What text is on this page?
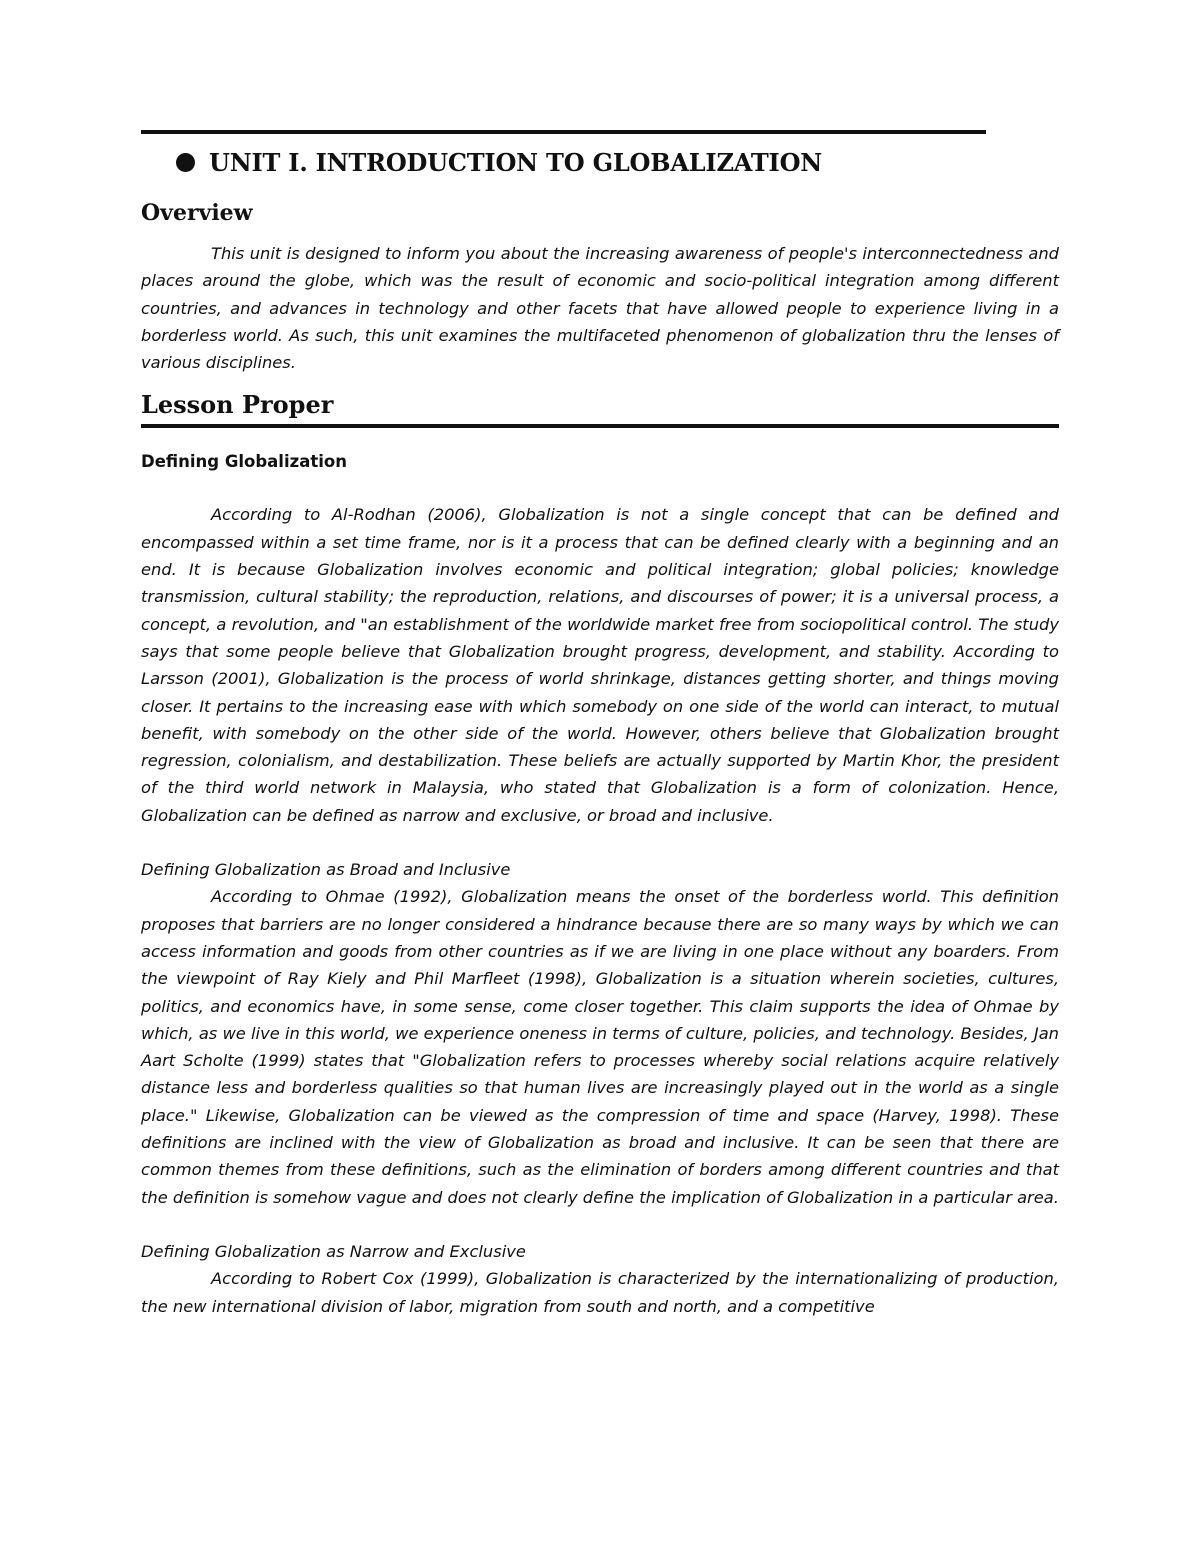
UNIT I. INTRODUCTION TO GLOBALIZATION
Overview

This unit is designed to inform you about the increasing awareness of people's interconnectedness and places around the globe, which was the result of economic and socio-political integration among different countries, and advances in technology and other facets that have allowed people to experience living in a borderless world. As such, this unit examines the multifaceted phenomenon of globalization thru the lenses of various disciplines.

Lesson Proper
Defining Globalization

According to Al-Rodhan (2006), Globalization is not a single concept that can be defined and encompassed within a set time frame, nor is it a process that can be defined clearly with a beginning and an end. It is because Globalization involves economic and political integration; global policies; knowledge transmission, cultural stability; the reproduction, relations, and discourses of power; it is a universal process, a concept, a revolution, and "an establishment of the worldwide market free from sociopolitical control. The study says that some people believe that Globalization brought progress, development, and stability. According to Larsson (2001), Globalization is the process of world shrinkage, distances getting shorter, and things moving closer. It pertains to the increasing ease with which somebody on one side of the world can interact, to mutual benefit, with somebody on the other side of the world. However, others believe that Globalization brought regression, colonialism, and destabilization. These beliefs are actually supported by Martin Khor, the president of the third world network in Malaysia, who stated that Globalization is a form of colonization. Hence, Globalization can be defined as narrow and exclusive, or broad and inclusive.

Defining Globalization as Broad and Inclusive

According to Ohmae (1992), Globalization means the onset of the borderless world. This definition proposes that barriers are no longer considered a hindrance because there are so many ways by which we can access information and goods from other countries as if we are living in one place without any boarders. From the viewpoint of Ray Kiely and Phil Marfleet (1998), Globalization is a situation wherein societies, cultures, politics, and economics have, in some sense, come closer together. This claim supports the idea of Ohmae by which, as we live in this world, we experience oneness in terms of culture, policies, and technology. Besides, Jan Aart Scholte (1999) states that "Globalization refers to processes whereby social relations acquire relatively distance less and borderless qualities so that human lives are increasingly played out in the world as a single place." Likewise, Globalization can be viewed as the compression of time and space (Harvey, 1998). These definitions are inclined with the view of Globalization as broad and inclusive. It can be seen that there are common themes from these definitions, such as the elimination of borders among different countries and that the definition is somehow vague and does not clearly define the implication of Globalization in a particular area.

Defining Globalization as Narrow and Exclusive

According to Robert Cox (1999), Globalization is characterized by the internationalizing of production, the new international division of labor, migration from south and north, and a competitive
